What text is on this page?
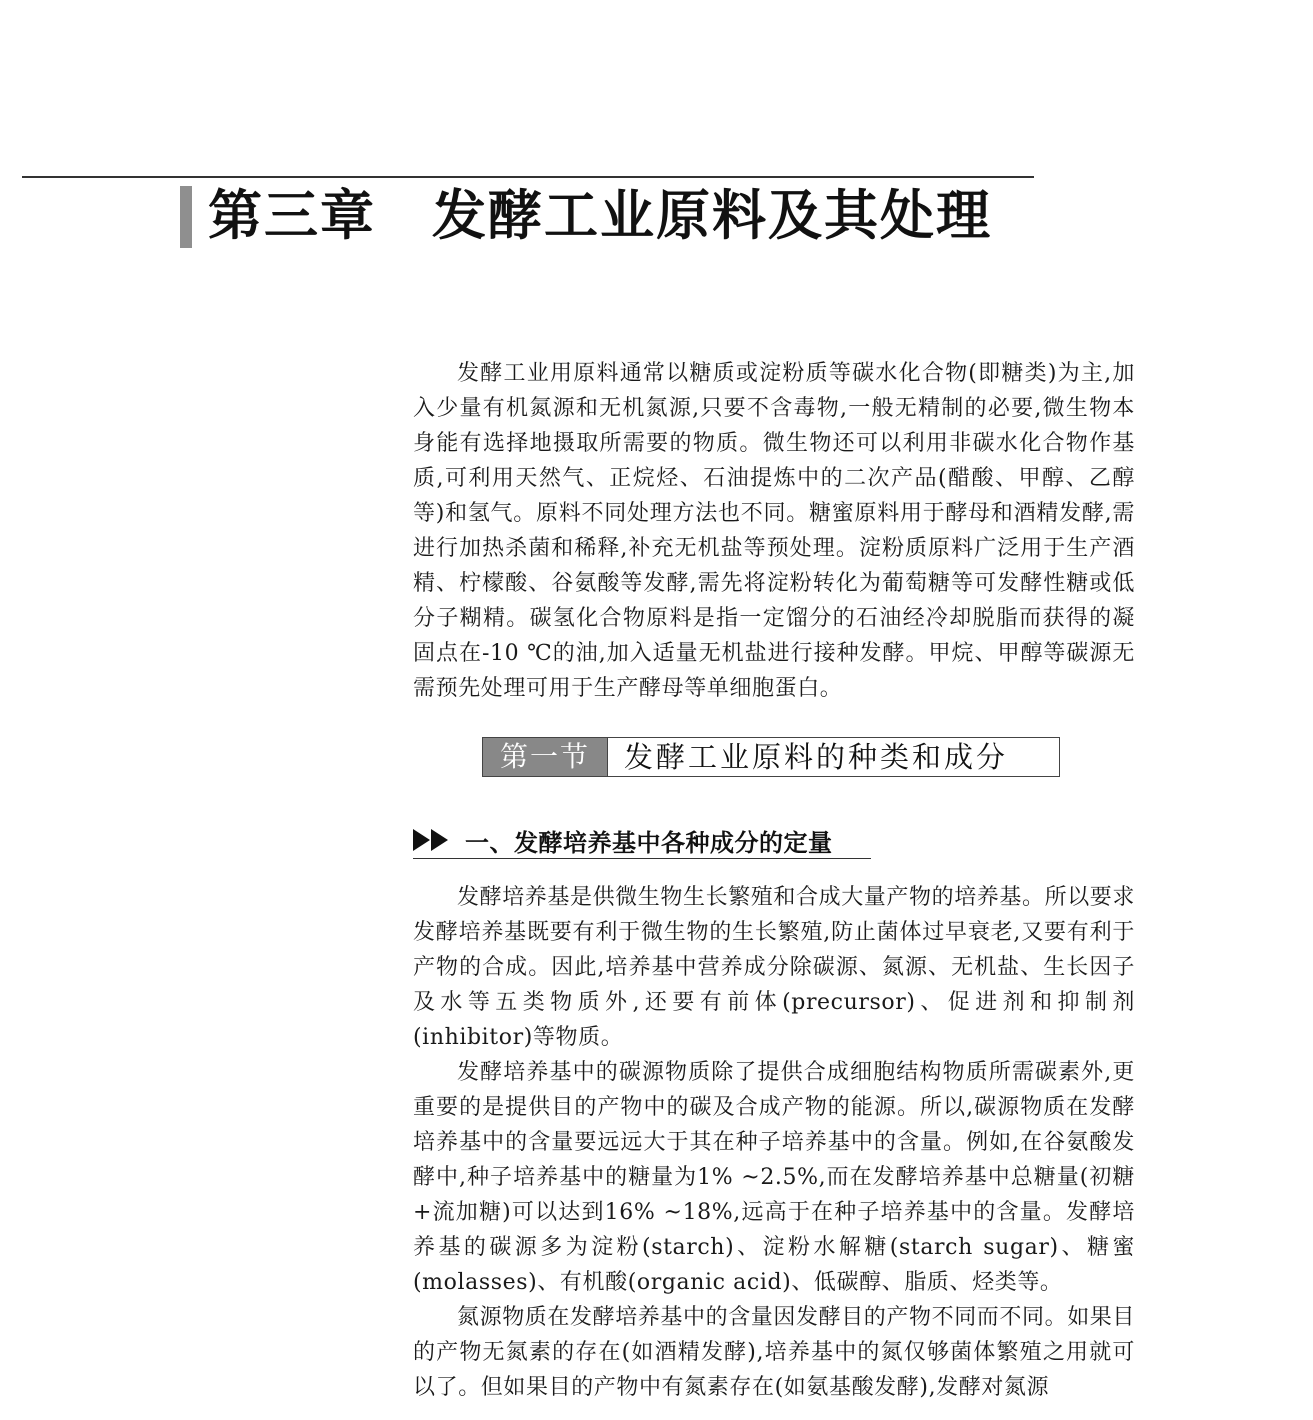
第三章 发酵工业原料及其处理

发酵工业用原料通常以糖质或淀粉质等碳水化合物(即糖类)为主,加入少量有机氮源和无机氮源,只要不含毒物,一般无精制的必要,微生物本身能有选择地摄取所需要的物质。微生物还可以利用非碳水化合物作基质,可利用天然气、正烷烃、石油提炼中的二次产品(醋酸、甲醇、乙醇等)和氢气。原料不同处理方法也不同。糖蜜原料用于酵母和酒精发酵,需进行加热杀菌和稀释,补充无机盐等预处理。淀粉质原料广泛用于生产酒精、柠檬酸、谷氨酸等发酵,需先将淀粉转化为葡萄糖等可发酵性糖或低分子糊精。碳氢化合物原料是指一定馏分的石油经冷却脱脂而获得的凝固点在-10 ℃的油,加入适量无机盐进行接种发酵。甲烷、甲醇等碳源无需预先处理可用于生产酵母等单细胞蛋白。

第一节	发酵工业原料的种类和成分
一、发酵培养基中各种成分的定量

发酵培养基是供微生物生长繁殖和合成大量产物的培养基。所以要求发酵培养基既要有利于微生物的生长繁殖,防止菌体过早衰老,又要有利于产物的合成。因此,培养基中营养成分除碳源、氮源、无机盐、生长因子及水等五类物质外,还要有前体(precursor)、促进剂和抑制剂(inhibitor)等物质。

发酵培养基中的碳源物质除了提供合成细胞结构物质所需碳素外,更重要的是提供目的产物中的碳及合成产物的能源。所以,碳源物质在发酵培养基中的含量要远远大于其在种子培养基中的含量。例如,在谷氨酸发酵中,种子培养基中的糖量为1% ~2.5%,而在发酵培养基中总糖量(初糖+流加糖)可以达到16% ~18%,远高于在种子培养基中的含量。发酵培养基的碳源多为淀粉(starch)、淀粉水解糖(starch sugar)、糖蜜(molasses)、有机酸(organic acid)、低碳醇、脂质、烃类等。

氮源物质在发酵培养基中的含量因发酵目的产物不同而不同。如果目的产物无氮素的存在(如酒精发酵),培养基中的氮仅够菌体繁殖之用就可以了。但如果目的产物中有氮素存在(如氨基酸发酵),发酵对氮源
